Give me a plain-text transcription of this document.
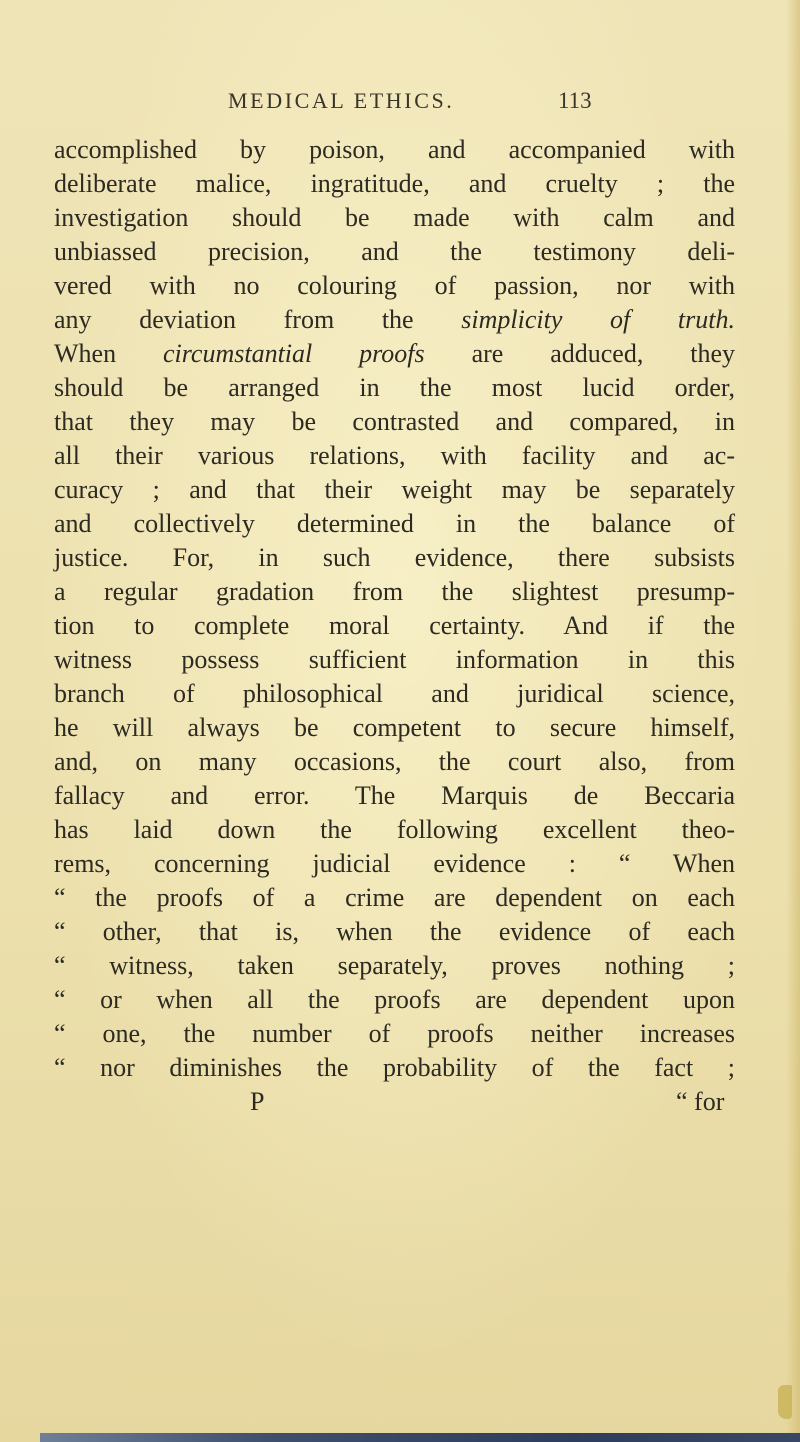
MEDICAL ETHICS.	113
accomplished by poison, and accompanied with
deliberate malice, ingratitude, and cruelty ; the
investigation should be made with calm and
unbiassed precision, and the testimony deli-
vered with no colouring of passion, nor with
any deviation from the simplicity of truth.
When circumstantial proofs are adduced, they
should be arranged in the most lucid order,
that they may be contrasted and compared, in
all their various relations, with facility and ac-
curacy ; and that their weight may be separately
and collectively determined in the balance of
justice. For, in such evidence, there subsists
a regular gradation from the slightest presump-
tion to complete moral certainty. And if the
witness possess sufficient information in this
branch of philosophical and juridical science,
he will always be competent to secure himself,
and, on many occasions, the court also, from
fallacy and error. The Marquis de Beccaria
has laid down the following excellent theo-
rems, concerning judicial evidence : “ When
“ the proofs of a crime are dependent on each
“ other, that is, when the evidence of each
“ witness, taken separately, proves nothing ;
“ or when all the proofs are dependent upon
“ one, the number of proofs neither increases
“ nor diminishes the probability of the fact ;
P	“ for
